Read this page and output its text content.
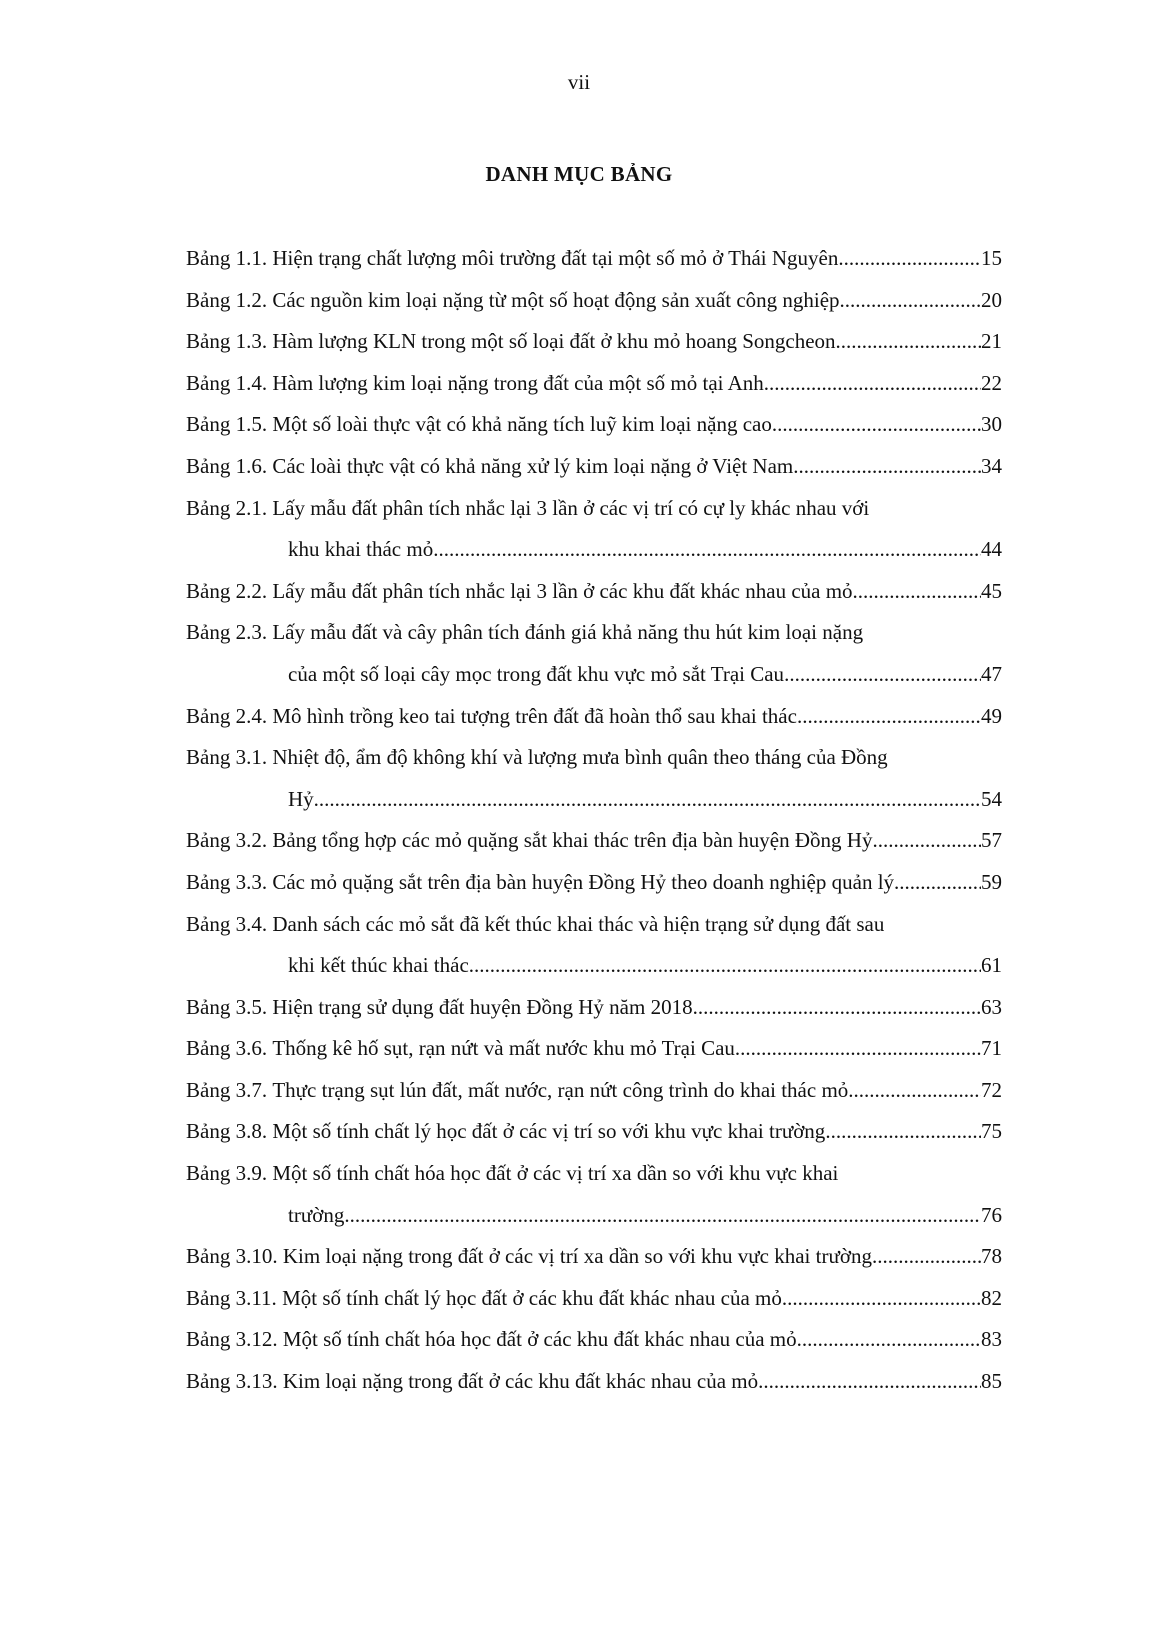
vii
DANH MỤC BẢNG
Bảng 1.1. Hiện trạng chất lượng môi trường đất tại một số mỏ ở Thái Nguyên .....	15
Bảng 1.2. Các nguồn kim loại nặng từ một số hoạt động sản xuất công nghiệp .....	20
Bảng 1.3. Hàm lượng KLN trong một số loại đất ở khu mỏ hoang Songcheon .....	21
Bảng 1.4. Hàm lượng kim loại nặng trong đất của một số mỏ tại Anh .....	22
Bảng 1.5. Một số loài thực vật có khả năng tích luỹ kim loại nặng cao .....	30
Bảng 1.6. Các loài thực vật có khả năng xử lý kim loại nặng ở Việt Nam .....	34
Bảng 2.1. Lấy mẫu đất phân tích nhắc lại 3 lần ở các vị trí có cự ly khác nhau với
khu khai thác mỏ .....	44
Bảng 2.2. Lấy mẫu đất phân tích nhắc lại 3 lần ở các khu đất khác nhau của mỏ .....	45
Bảng 2.3. Lấy mẫu đất và cây phân tích đánh giá khả năng thu hút kim loại nặng
của một số loại cây mọc trong đất khu vực mỏ sắt Trại Cau .....	47
Bảng 2.4. Mô hình trồng keo tai tượng trên đất đã hoàn thổ sau khai thác .....	49
Bảng 3.1. Nhiệt độ, ẩm độ không khí và lượng mưa bình quân theo tháng của Đồng
Hỷ .....	54
Bảng 3.2. Bảng tổng hợp các mỏ quặng sắt khai thác trên địa bàn huyện Đồng Hỷ .....	57
Bảng 3.3. Các mỏ quặng sắt trên địa bàn huyện Đồng Hỷ theo doanh nghiệp quản lý .....	59
Bảng 3.4. Danh sách các mỏ sắt đã kết thúc khai thác và hiện trạng sử dụng đất sau
khi kết thúc khai thác .....	61
Bảng 3.5. Hiện trạng sử dụng đất huyện Đồng Hỷ năm 2018 .....	63
Bảng 3.6. Thống kê hố sụt, rạn nứt và mất nước khu mỏ Trại Cau .....	71
Bảng 3.7. Thực trạng sụt lún đất, mất nước, rạn nứt công trình do khai thác mỏ .....	72
Bảng 3.8. Một số tính chất lý học đất ở các vị trí so với khu vực khai trường .....	75
Bảng 3.9. Một số tính chất hóa học đất ở các vị trí xa dần so với khu vực khai
trường .....	76
Bảng 3.10. Kim loại nặng trong đất ở các vị trí xa dần so với khu vực khai trường .....	78
Bảng 3.11. Một số tính chất lý học đất ở các khu đất khác nhau của mỏ .....	82
Bảng 3.12. Một số tính chất hóa học đất ở các khu đất khác nhau của mỏ .....	83
Bảng 3.13. Kim loại nặng trong đất ở các khu đất khác nhau của mỏ .....	85
